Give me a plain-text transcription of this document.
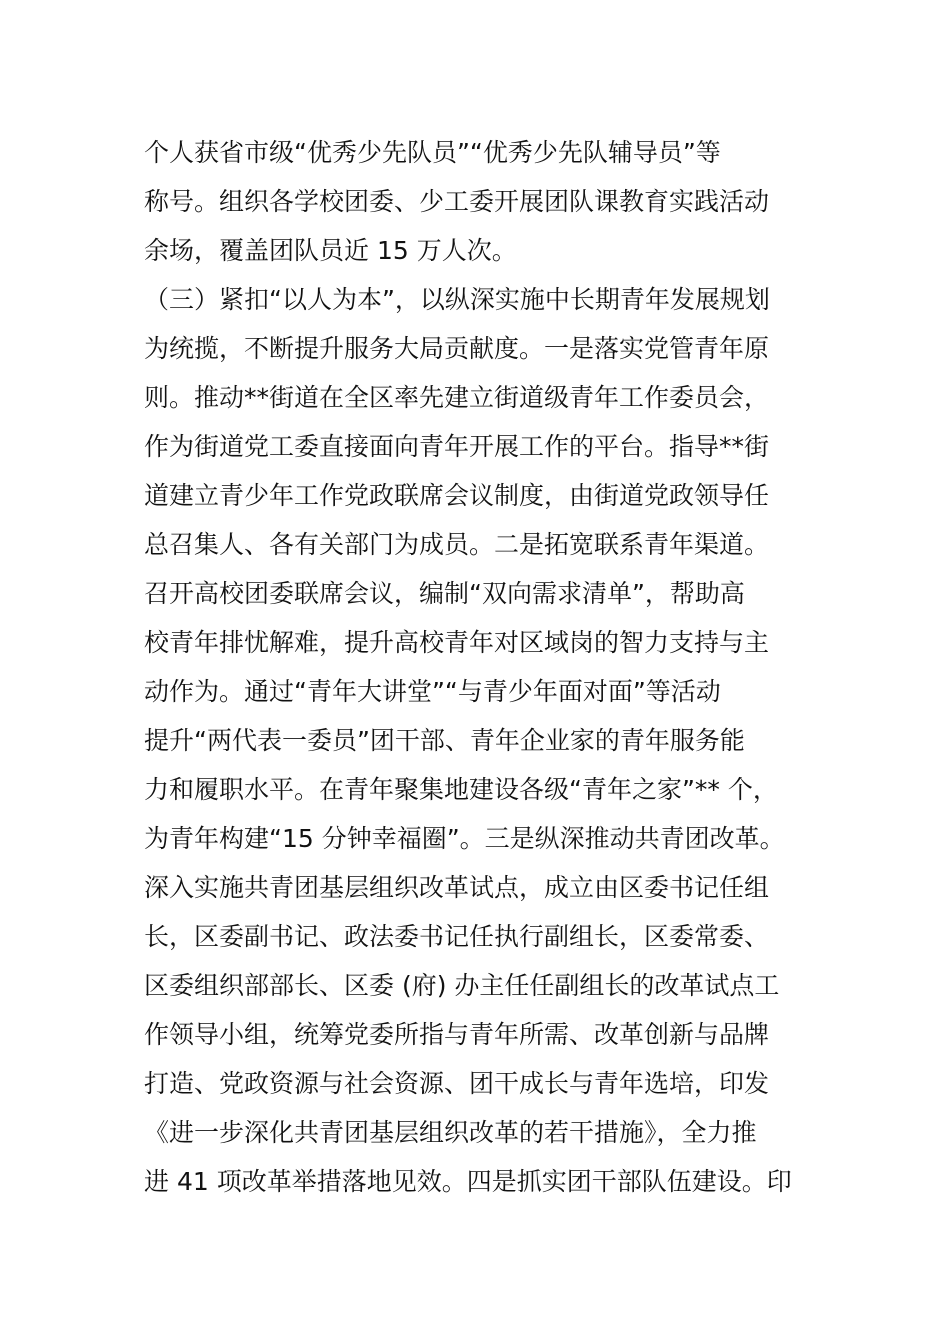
个人获省市级“优秀少先队员”“优秀少先队辅导员”等
称号。组织各学校团委、少工委开展团队课教育实践活动
余场，覆盖团队员近 15 万人次。
（三）紧扣“以人为本”，以纵深实施中长期青年发展规划
为统揽，不断提升服务大局贡献度。一是落实党管青年原
则。推动**街道在全区率先建立街道级青年工作委员会，
作为街道党工委直接面向青年开展工作的平台。指导**街
道建立青少年工作党政联席会议制度，由街道党政领导任
总召集人、各有关部门为成员。二是拓宽联系青年渠道。
召开高校团委联席会议，编制“双向需求清单”，帮助高
校青年排忧解难，提升高校青年对区域岗的智力支持与主
动作为。通过“青年大讲堂”“与青少年面对面”等活动
提升“两代表一委员”团干部、青年企业家的青年服务能
力和履职水平。在青年聚集地建设各级“青年之家”** 个，
为青年构建“15 分钟幸福圈”。三是纵深推动共青团改革。
深入实施共青团基层组织改革试点，成立由区委书记任组
长，区委副书记、政法委书记任执行副组长，区委常委、
区委组织部部长、区委 (府) 办主任任副组长的改革试点工
作领导小组，统筹党委所指与青年所需、改革创新与品牌
打造、党政资源与社会资源、团干成长与青年选培，印发
《进一步深化共青团基层组织改革的若干措施》，全力推
进 41 项改革举措落地见效。四是抓实团干部队伍建设。印
